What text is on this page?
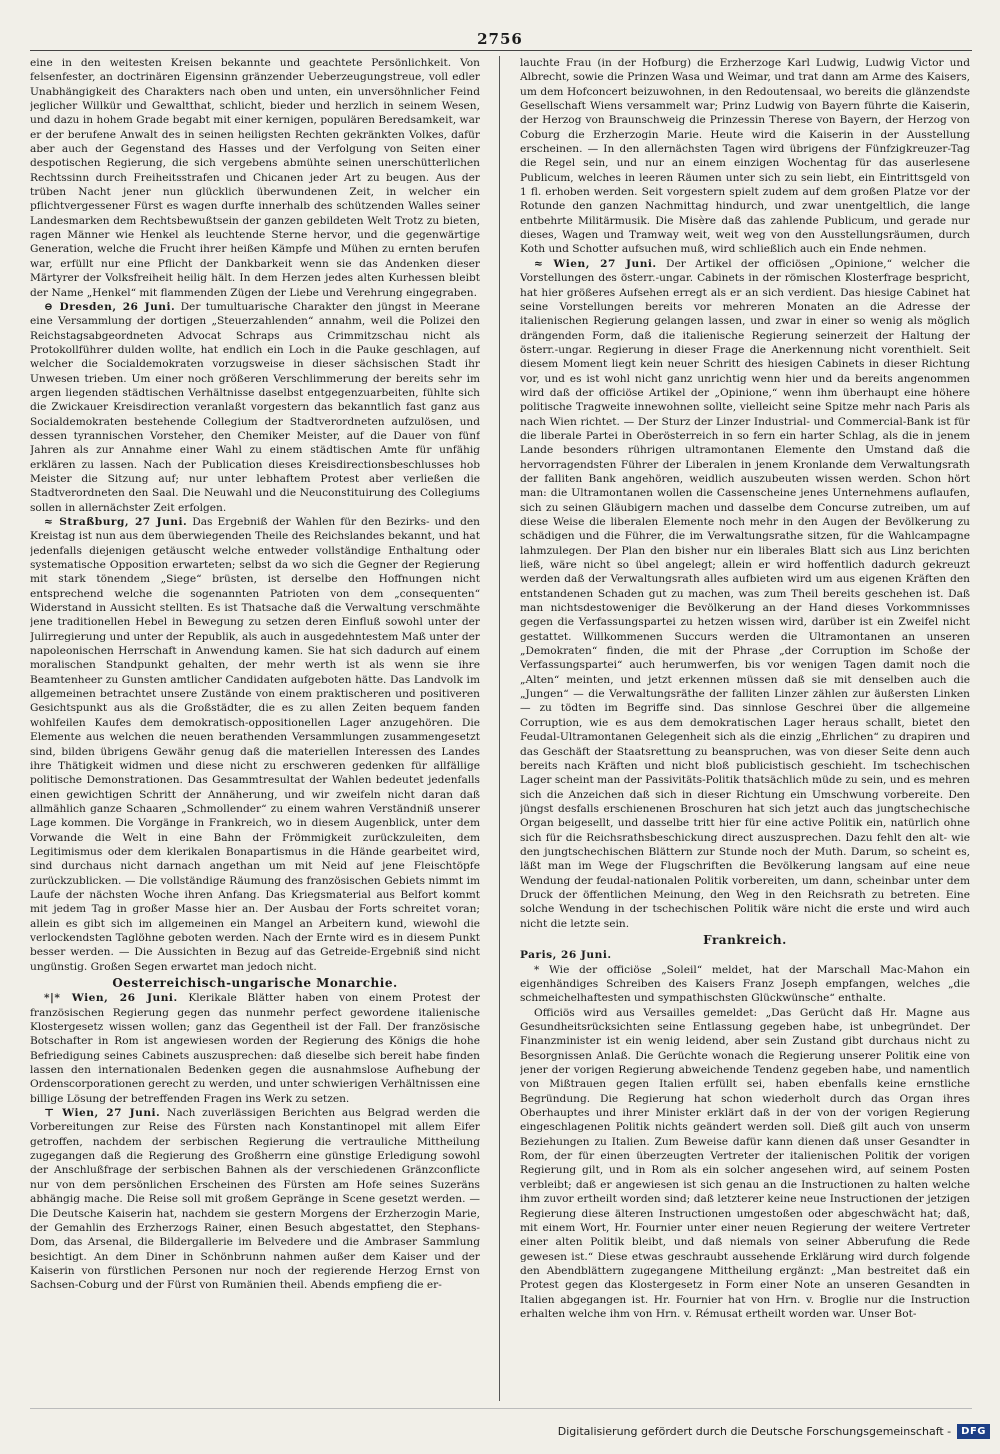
2756

eine in den weitesten Kreisen bekannte und geachtete Persönlichkeit. Von felsenfester, an doctrinären Eigensinn gränzender Ueberzeugungstreue, voll edler Unabhängigkeit des Charakters nach oben und unten, ein unversöhnlicher Feind jeglicher Willkür und Gewaltthat, schlicht, bieder und herzlich in seinem Wesen, und dazu in hohem Grade begabt mit einer kernigen, populären Beredsamkeit, war er der berufene Anwalt des in seinen heiligsten Rechten gekränkten Volkes, dafür aber auch der Gegenstand des Hasses und der Verfolgung von Seiten einer despotischen Regierung, die sich vergebens abmühte seinen unerschütterlichen Rechtssinn durch Freiheitsstrafen und Chicanen jeder Art zu beugen. Aus der trüben Nacht jener nun glücklich überwundenen Zeit, in welcher ein pflichtvergessener Fürst es wagen durfte innerhalb des schützenden Walles seiner Landesmarken dem Rechtsbewußtsein der ganzen gebildeten Welt Trotz zu bieten, ragen Männer wie Henkel als leuchtende Sterne hervor, und die gegenwärtige Generation, welche die Frucht ihrer heißen Kämpfe und Mühen zu ernten berufen war, erfüllt nur eine Pflicht der Dankbarkeit wenn sie das Andenken dieser Märtyrer der Volksfreiheit heilig hält. In dem Herzen jedes alten Kurhessen bleibt der Name „Henkel“ mit flammenden Zügen der Liebe und Verehrung eingegraben.

⊖ Dresden, 26 Juni. Der tumultuarische Charakter den jüngst in Meerane eine Versammlung der dortigen „Steuerzahlenden“ annahm, weil die Polizei den Reichstagsabgeordneten Advocat Schraps aus Crimmitzschau nicht als Protokollführer dulden wollte, hat endlich ein Loch in die Pauke geschlagen, auf welcher die Socialdemokraten vorzugsweise in dieser sächsischen Stadt ihr Unwesen trieben. Um einer noch größeren Verschlimmerung der bereits sehr im argen liegenden städtischen Verhältnisse daselbst entgegenzuarbeiten, fühlte sich die Zwickauer Kreisdirection veranlaßt vorgestern das bekanntlich fast ganz aus Socialdemokraten bestehende Collegium der Stadtverordneten aufzulösen, und dessen tyrannischen Vorsteher, den Chemiker Meister, auf die Dauer von fünf Jahren als zur Annahme einer Wahl zu einem städtischen Amte für unfähig erklären zu lassen. Nach der Publication dieses Kreisdirectionsbeschlusses hob Meister die Sitzung auf; nur unter lebhaftem Protest aber verließen die Stadtverordneten den Saal. Die Neuwahl und die Neuconstituirung des Collegiums sollen in allernächster Zeit erfolgen.

≈ Straßburg, 27 Juni. Das Ergebniß der Wahlen für den Bezirks- und den Kreistag ist nun aus dem überwiegenden Theile des Reichslandes bekannt, und hat jedenfalls diejenigen getäuscht welche entweder vollständige Enthaltung oder systematische Opposition erwarteten; selbst da wo sich die Gegner der Regierung mit stark tönendem „Siege“ brüsten, ist derselbe den Hoffnungen nicht entsprechend welche die sogenannten Patrioten von dem „consequenten“ Widerstand in Aussicht stellten. Es ist Thatsache daß die Verwaltung verschmähte jene traditionellen Hebel in Bewegung zu setzen deren Einfluß sowohl unter der Julirregierung und unter der Republik, als auch in ausgedehntestem Maß unter der napoleonischen Herrschaft in Anwendung kamen. Sie hat sich dadurch auf einem moralischen Standpunkt gehalten, der mehr werth ist als wenn sie ihre Beamtenheer zu Gunsten amtlicher Candidaten aufgeboten hätte. Das Landvolk im allgemeinen betrachtet unsere Zustände von einem praktischeren und positiveren Gesichtspunkt aus als die Großstädter, die es zu allen Zeiten bequem fanden wohlfeilen Kaufes dem demokratisch-oppositionellen Lager anzugehören. Die Elemente aus welchen die neuen berathenden Versammlungen zusammengesetzt sind, bilden übrigens Gewähr genug daß die materiellen Interessen des Landes ihre Thätigkeit widmen und diese nicht zu erschweren gedenken für allfällige politische Demonstrationen. Das Gesammtresultat der Wahlen bedeutet jedenfalls einen gewichtigen Schritt der Annäherung, und wir zweifeln nicht daran daß allmählich ganze Schaaren „Schmollender“ zu einem wahren Verständniß unserer Lage kommen. Die Vorgänge in Frankreich, wo in diesem Augenblick, unter dem Vorwande die Welt in eine Bahn der Frömmigkeit zurückzuleiten, dem Legitimismus oder dem klerikalen Bonapartismus in die Hände gearbeitet wird, sind durchaus nicht darnach angethan um mit Neid auf jene Fleischtöpfe zurückzublicken. — Die vollständige Räumung des französischen Gebiets nimmt im Laufe der nächsten Woche ihren Anfang. Das Kriegsmaterial aus Belfort kommt mit jedem Tag in großer Masse hier an. Der Ausbau der Forts schreitet voran; allein es gibt sich im allgemeinen ein Mangel an Arbeitern kund, wiewohl die verlockendsten Taglöhne geboten werden. Nach der Ernte wird es in diesem Punkt besser werden. — Die Aussichten in Bezug auf das Getreide-Ergebniß sind nicht ungünstig. Großen Segen erwartet man jedoch nicht.

Oesterreichisch-ungarische Monarchie.

*|* Wien, 26 Juni. Klerikale Blätter haben von einem Protest der französischen Regierung gegen das nunmehr perfect gewordene italienische Klostergesetz wissen wollen; ganz das Gegentheil ist der Fall. Der französische Botschafter in Rom ist angewiesen worden der Regierung des Königs die hohe Befriedigung seines Cabinets auszusprechen: daß dieselbe sich bereit habe finden lassen den internationalen Bedenken gegen die ausnahmslose Aufhebung der Ordenscorporationen gerecht zu werden, und unter schwierigen Verhältnissen eine billige Lösung der betreffenden Fragen ins Werk zu setzen.

⊤ Wien, 27 Juni. Nach zuverlässigen Berichten aus Belgrad werden die Vorbereitungen zur Reise des Fürsten nach Konstantinopel mit allem Eifer getroffen, nachdem der serbischen Regierung die vertrauliche Mittheilung zugegangen daß die Regierung des Großherrn eine günstige Erledigung sowohl der Anschlußfrage der serbischen Bahnen als der verschiedenen Gränzconflicte nur von dem persönlichen Erscheinen des Fürsten am Hofe seines Suzeräns abhängig mache. Die Reise soll mit großem Gepränge in Scene gesetzt werden. — Die Deutsche Kaiserin hat, nachdem sie gestern Morgens der Erzherzogin Marie, der Gemahlin des Erzherzogs Rainer, einen Besuch abgestattet, den Stephans-Dom, das Arsenal, die Bildergallerie im Belvedere und die Ambraser Sammlung besichtigt. An dem Diner in Schönbrunn nahmen außer dem Kaiser und der Kaiserin von fürstlichen Personen nur noch der regierende Herzog Ernst von Sachsen-Coburg und der Fürst von Rumänien theil. Abends empfieng die er-

lauchte Frau (in der Hofburg) die Erzherzoge Karl Ludwig, Ludwig Victor und Albrecht, sowie die Prinzen Wasa und Weimar, und trat dann am Arme des Kaisers, um dem Hofconcert beizuwohnen, in den Redoutensaal, wo bereits die glänzendste Gesellschaft Wiens versammelt war; Prinz Ludwig von Bayern führte die Kaiserin, der Herzog von Braunschweig die Prinzessin Therese von Bayern, der Herzog von Coburg die Erzherzogin Marie. Heute wird die Kaiserin in der Ausstellung erscheinen. — In den allernächsten Tagen wird übrigens der Fünfzigkreuzer-Tag die Regel sein, und nur an einem einzigen Wochentag für das auserlesene Publicum, welches in leeren Räumen unter sich zu sein liebt, ein Eintrittsgeld von 1 fl. erhoben werden. Seit vorgestern spielt zudem auf dem großen Platze vor der Rotunde den ganzen Nachmittag hindurch, und zwar unentgeltlich, die lange entbehrte Militärmusik. Die Misère daß das zahlende Publicum, und gerade nur dieses, Wagen und Tramway weit, weit weg von den Ausstellungsräumen, durch Koth und Schotter aufsuchen muß, wird schließlich auch ein Ende nehmen.

≈ Wien, 27 Juni. Der Artikel der officiösen „Opinione,“ welcher die Vorstellungen des österr.-ungar. Cabinets in der römischen Klosterfrage bespricht, hat hier größeres Aufsehen erregt als er an sich verdient. Das hiesige Cabinet hat seine Vorstellungen bereits vor mehreren Monaten an die Adresse der italienischen Regierung gelangen lassen, und zwar in einer so wenig als möglich drängenden Form, daß die italienische Regierung seinerzeit der Haltung der österr.-ungar. Regierung in dieser Frage die Anerkennung nicht vorenthielt. Seit diesem Moment liegt kein neuer Schritt des hiesigen Cabinets in dieser Richtung vor, und es ist wohl nicht ganz unrichtig wenn hier und da bereits angenommen wird daß der officiöse Artikel der „Opinione,“ wenn ihm überhaupt eine höhere politische Tragweite innewohnen sollte, vielleicht seine Spitze mehr nach Paris als nach Wien richtet. — Der Sturz der Linzer Industrial- und Commercial-Bank ist für die liberale Partei in Oberösterreich in so fern ein harter Schlag, als die in jenem Lande besonders rührigen ultramontanen Elemente den Umstand daß die hervorragendsten Führer der Liberalen in jenem Kronlande dem Verwaltungsrath der falliten Bank angehören, weidlich auszubeuten wissen werden. Schon hört man: die Ultramontanen wollen die Cassenscheine jenes Unternehmens auflaufen, sich zu seinen Gläubigern machen und dasselbe dem Concurse zutreiben, um auf diese Weise die liberalen Elemente noch mehr in den Augen der Bevölkerung zu schädigen und die Führer, die im Verwaltungsrathe sitzen, für die Wahlcampagne lahmzulegen. Der Plan den bisher nur ein liberales Blatt sich aus Linz berichten ließ, wäre nicht so übel angelegt; allein er wird hoffentlich dadurch gekreuzt werden daß der Verwaltungsrath alles aufbieten wird um aus eigenen Kräften den entstandenen Schaden gut zu machen, was zum Theil bereits geschehen ist. Daß man nichtsdestoweniger die Bevölkerung an der Hand dieses Vorkommnisses gegen die Verfassungspartei zu hetzen wissen wird, darüber ist ein Zweifel nicht gestattet. Willkommenen Succurs werden die Ultramontanen an unseren „Demokraten“ finden, die mit der Phrase „der Corruption im Schoße der Verfassungspartei“ auch herumwerfen, bis vor wenigen Tagen damit noch die „Alten“ meinten, und jetzt erkennen müssen daß sie mit denselben auch die „Jungen“ — die Verwaltungsräthe der falliten Linzer zählen zur äußersten Linken — zu tödten im Begriffe sind. Das sinnlose Geschrei über die allgemeine Corruption, wie es aus dem demokratischen Lager heraus schallt, bietet den Feudal-Ultramontanen Gelegenheit sich als die einzig „Ehrlichen“ zu drapiren und das Geschäft der Staatsrettung zu beanspruchen, was von dieser Seite denn auch bereits nach Kräften und nicht bloß publicistisch geschieht. Im tschechischen Lager scheint man der Passivitäts-Politik thatsächlich müde zu sein, und es mehren sich die Anzeichen daß sich in dieser Richtung ein Umschwung vorbereite. Den jüngst desfalls erschienenen Broschuren hat sich jetzt auch das jungtschechische Organ beigesellt, und dasselbe tritt hier für eine active Politik ein, natürlich ohne sich für die Reichsrathsbeschickung direct auszusprechen. Dazu fehlt den alt- wie den jungtschechischen Blättern zur Stunde noch der Muth. Darum, so scheint es, läßt man im Wege der Flugschriften die Bevölkerung langsam auf eine neue Wendung der feudal-nationalen Politik vorbereiten, um dann, scheinbar unter dem Druck der öffentlichen Meinung, den Weg in den Reichsrath zu betreten. Eine solche Wendung in der tschechischen Politik wäre nicht die erste und wird auch nicht die letzte sein.

Frankreich.

Paris, 26 Juni.

* Wie der officiöse „Soleil“ meldet, hat der Marschall Mac-Mahon ein eigenhändiges Schreiben des Kaisers Franz Joseph empfangen, welches „die schmeichelhaftesten und sympathischsten Glückwünsche“ enthalte.

Officiös wird aus Versailles gemeldet: „Das Gerücht daß Hr. Magne aus Gesundheitsrücksichten seine Entlassung gegeben habe, ist unbegründet. Der Finanzminister ist ein wenig leidend, aber sein Zustand gibt durchaus nicht zu Besorgnissen Anlaß. Die Gerüchte wonach die Regierung unserer Politik eine von jener der vorigen Regierung abweichende Tendenz gegeben habe, und namentlich von Mißtrauen gegen Italien erfüllt sei, haben ebenfalls keine ernstliche Begründung. Die Regierung hat schon wiederholt durch das Organ ihres Oberhauptes und ihrer Minister erklärt daß in der von der vorigen Regierung eingeschlagenen Politik nichts geändert werden soll. Dieß gilt auch von unserm Beziehungen zu Italien. Zum Beweise dafür kann dienen daß unser Gesandter in Rom, der für einen überzeugten Vertreter der italienischen Politik der vorigen Regierung gilt, und in Rom als ein solcher angesehen wird, auf seinem Posten verbleibt; daß er angewiesen ist sich genau an die Instructionen zu halten welche ihm zuvor ertheilt worden sind; daß letzterer keine neue Instructionen der jetzigen Regierung diese älteren Instructionen umgestoßen oder abgeschwächt hat; daß, mit einem Wort, Hr. Fournier unter einer neuen Regierung der weitere Vertreter einer alten Politik bleibt, und daß niemals von seiner Abberufung die Rede gewesen ist.“ Diese etwas geschraubt aussehende Erklärung wird durch folgende den Abendblättern zugegangene Mittheilung ergänzt: „Man bestreitet daß ein Protest gegen das Klostergesetz in Form einer Note an unseren Gesandten in Italien abgegangen ist. Hr. Fournier hat von Hrn. v. Broglie nur die Instruction erhalten welche ihm von Hrn. v. Rémusat ertheilt worden war. Unser Bot-

Digitalisierung gefördert durch die Deutsche Forschungsgemeinschaft -	DFG
